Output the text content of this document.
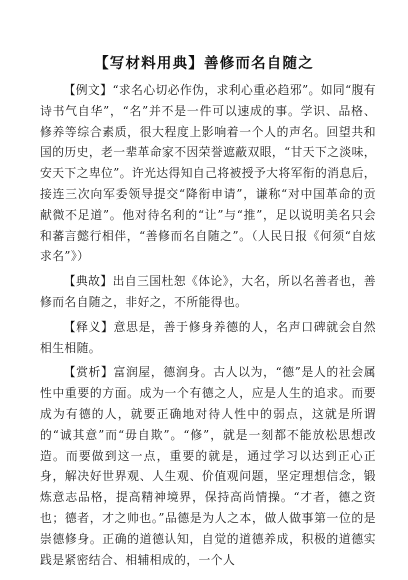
【写材料用典】善修而名自随之

【例文】“求名心切必作伪，求利心重必趋邪”。如同“腹有诗书气自华”，“名”并不是一件可以速成的事。学识、品格、修养等综合素质，很大程度上影响着一个人的声名。回望共和国的历史，老一辈革命家不因荣誉遮蔽双眼，“甘天下之淡味，安天下之卑位”。许光达得知自己将被授予大将军衔的消息后，接连三次向军委领导提交“降衔申请”，谦称“对中国革命的贡献微不足道”。他对待名利的“让”与“推”，足以说明美名只会和蕃言懿行相伴，“善修而名自随之”。（人民日报《何须“自炫求名”》）

【典故】出自三国杜恕《体论》，大名，所以名善者也，善修而名自随之，非好之，不所能得也。

【释义】意思是，善于修身养德的人，名声口碑就会自然相生相随。

【赏析】富润屋，德润身。古人以为，“德”是人的社会属性中重要的方面。成为一个有德之人，应是人生的追求。而要成为有德的人，就要正确地对待人性中的弱点，这就是所谓的“诚其意”而“毋自欺”。“修”，就是一刻都不能放松思想改造。而要做到这一点，重要的就是，通过学习以达到正心正身，解决好世界观、人生观、价值观问题，坚定理想信念，锻炼意志品格，提高精神境界，保持高尚情操。“才者，德之资也；德者，才之帅也。”品德是为人之本，做人做事第一位的是崇德修身。正确的道德认知，自觉的道德养成，积极的道德实践是紧密结合、相辅相成的，一个人
